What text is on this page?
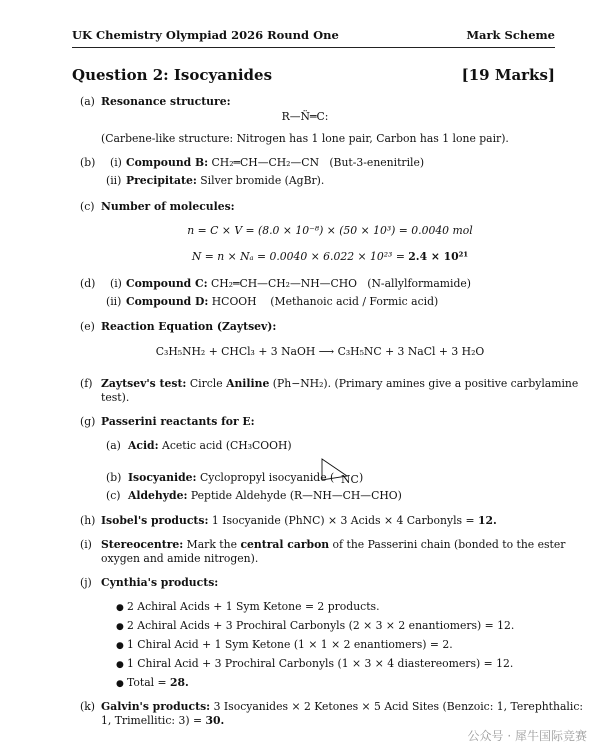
UK Chemistry Olympiad 2026 Round One	Mark Scheme
Question 2: Isocyanides	[19 Marks]
(a) Resonance structure:
R—N̈═C:
(Carbene-like structure: Nitrogen has 1 lone pair, Carbon has 1 lone pair).
(b) (i) Compound B: CH₂═CH—CH₂—CN (But-3-enenitrile)
(ii) Precipitate: Silver bromide (AgBr).
(c) Number of molecules:
n = C × V = (8.0 × 10⁻⁸) × (50 × 10³) = 0.0040 mol
N = n × Nₐ = 0.0040 × 6.022 × 10²³ = 2.4 × 10²¹
(d) (i) Compound C: CH₂═CH—CH₂—NH—CHO (N-allylformamide)
(ii) Compound D: HCOOH (Methanoic acid / Formic acid)
(e) Reaction Equation (Zaytsev):
C₃H₅NH₂ + CHCl₃ + 3 NaOH ⟶ C₃H₅NC + 3 NaCl + 3 H₂O
(f) Zaytsev's test: Circle Aniline (Ph−NH₂). (Primary amines give a positive carbylamine
test).
(g) Passerini reactants for E:
(a) Acid: Acetic acid (CH₃COOH)
(b) Isocyanide: Cyclopropyl isocyanide ( NC )
(c) Aldehyde: Peptide Aldehyde (R—NH—CH—CHO)
(h) Isobel's products: 1 Isocyanide (PhNC) × 3 Acids × 4 Carbonyls = 12.
(i) Stereocentre: Mark the central carbon of the Passerini chain (bonded to the ester
oxygen and amide nitrogen).
(j) Cynthia's products:
● 2 Achiral Acids + 1 Sym Ketone = 2 products.
● 2 Achiral Acids + 3 Prochiral Carbonyls (2 × 3 × 2 enantiomers) = 12.
● 1 Chiral Acid + 1 Sym Ketone (1 × 1 × 2 enantiomers) = 2.
● 1 Chiral Acid + 3 Prochiral Carbonyls (1 × 3 × 4 diastereomers) = 12.
● Total = 28.
(k) Galvin's products: 3 Isocyanides × 2 Ketones × 5 Acid Sites (Benzoic: 1, Terephthalic:
1, Trimellitic: 3) = 30.
公众号 · 犀牛国际竞赛
